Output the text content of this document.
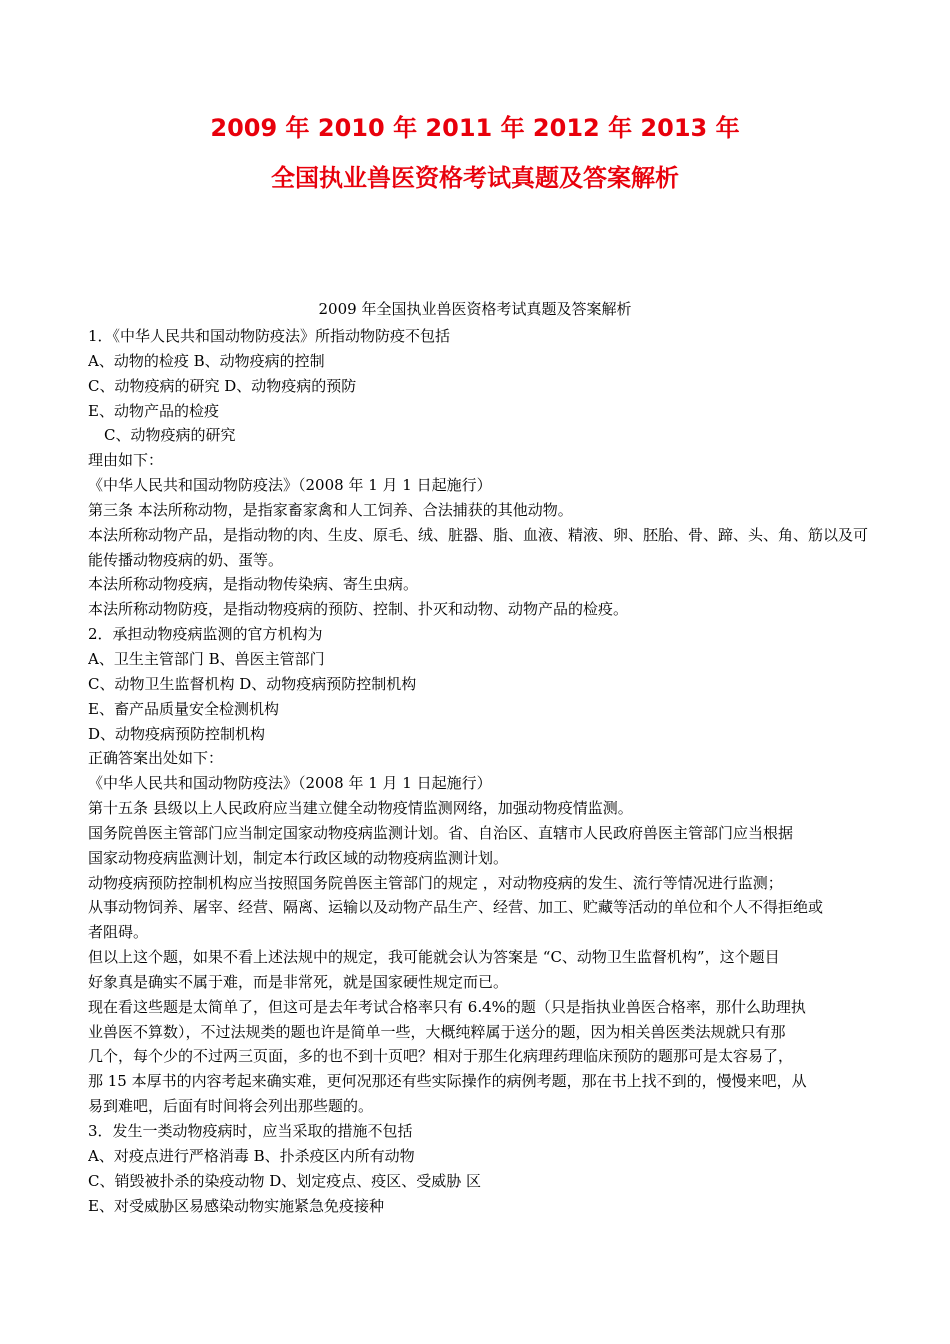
2009 年 2010 年 2011 年 2012 年 2013 年
全国执业兽医资格考试真题及答案解析
2009 年全国执业兽医资格考试真题及答案解析
1．《中华人民共和国动物防疫法》所指动物防疫不包括
A、动物的检疫 B、动物疫病的控制
C、动物疫病的研究 D、动物疫病的预防
E、动物产品的检疫
C、动物疫病的研究
理由如下：
《中华人民共和国动物防疫法》（2008 年 1 月 1 日起施行）
第三条 本法所称动物，是指家畜家禽和人工饲养、合法捕获的其他动物。
本法所称动物产品，是指动物的肉、生皮、原毛、绒、脏器、脂、血液、精液、卵、胚胎、骨、蹄、头、角、筋以及可
能传播动物疫病的奶、蛋等。
本法所称动物疫病，是指动物传染病、寄生虫病。
本法所称动物防疫，是指动物疫病的预防、控制、扑灭和动物、动物产品的检疫。
2．承担动物疫病监测的官方机构为
A、卫生主管部门 B、兽医主管部门
C、动物卫生监督机构 D、动物疫病预防控制机构
E、畜产品质量安全检测机构
D、动物疫病预防控制机构
正确答案出处如下：
《中华人民共和国动物防疫法》（2008 年 1 月 1 日起施行）
第十五条 县级以上人民政府应当建立健全动物疫情监测网络，加强动物疫情监测。
国务院兽医主管部门应当制定国家动物疫病监测计划。省、自治区、直辖市人民政府兽医主管部门应当根据
国家动物疫病监测计划，制定本行政区域的动物疫病监测计划。
动物疫病预防控制机构应当按照国务院兽医主管部门的规定 ，对动物疫病的发生、流行等情况进行监测；
从事动物饲养、屠宰、经营、隔离、运输以及动物产品生产、经营、加工、贮藏等活动的单位和个人不得拒绝或
者阻碍。
但以上这个题，如果不看上述法规中的规定，我可能就会认为答案是 “C、动物卫生监督机构”，这个题目
好象真是确实不属于难，而是非常死，就是国家硬性规定而已。
现在看这些题是太简单了，但这可是去年考试合格率只有 6.4%的题（只是指执业兽医合格率，那什么助理执
业兽医不算数），不过法规类的题也许是简单一些，大概纯粹属于送分的题，因为相关兽医类法规就只有那
几个，每个少的不过两三页面，多的也不到十页吧？相对于那生化病理药理临床预防的题那可是太容易了，
那 15 本厚书的内容考起来确实难，更何况那还有些实际操作的病例考题，那在书上找不到的，慢慢来吧，从
易到难吧，后面有时间将会列出那些题的。
3．发生一类动物疫病时，应当采取的措施不包括
A、对疫点进行严格消毒 B、扑杀疫区内所有动物
C、销毁被扑杀的染疫动物 D、划定疫点、疫区、受威胁 区
E、对受威胁区易感染动物实施紧急免疫接种
